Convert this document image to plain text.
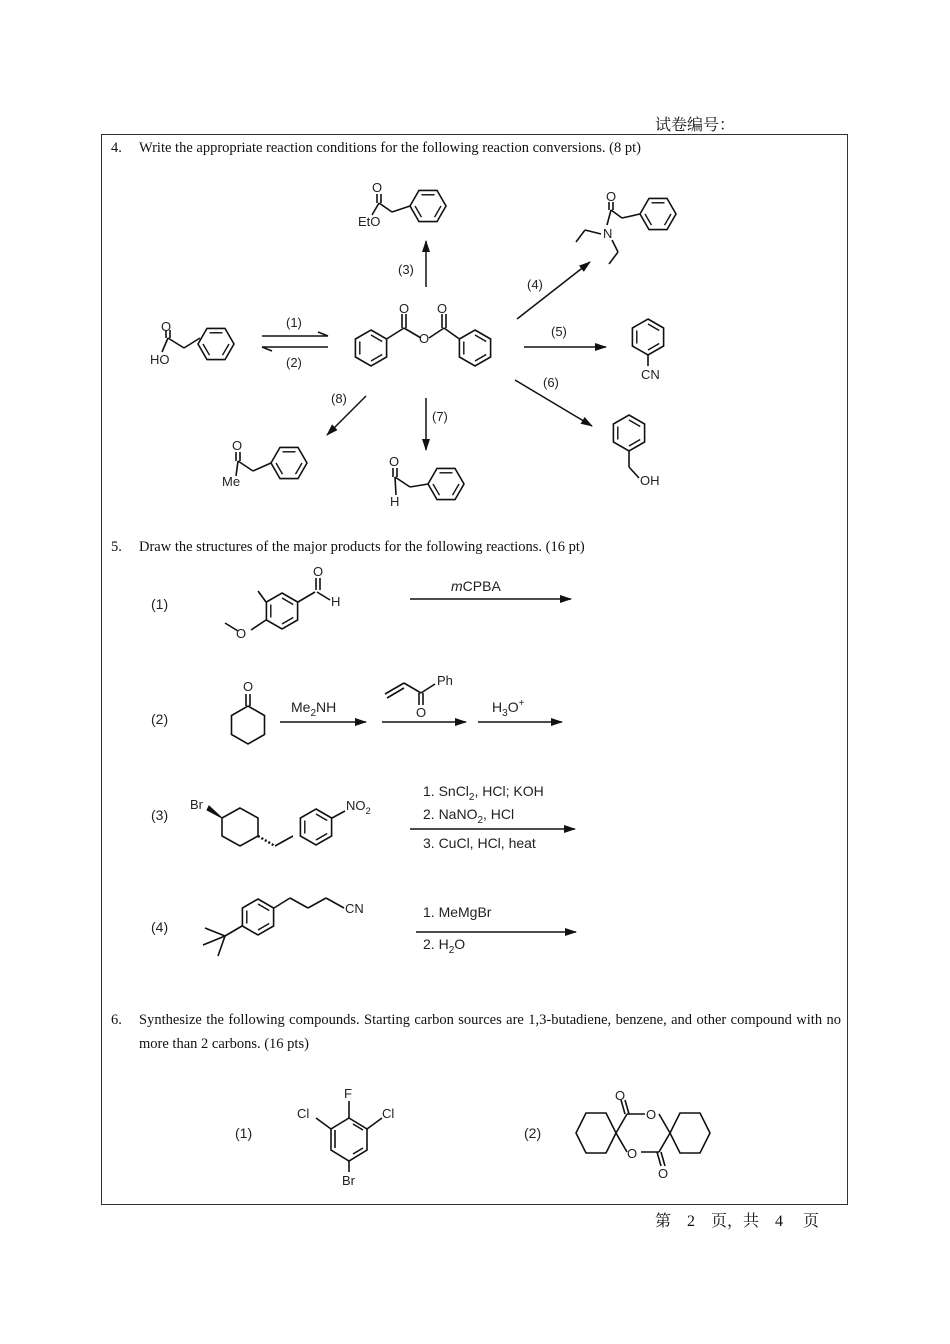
试卷编号：
4. Write the appropriate reaction conditions for the following reaction conversions. (8 pt)
5. Draw the structures of the major products for the following reactions. (16 pt)
6. Synthesize the following compounds. Starting carbon sources are 1,3-butadiene, benzene, and other compound with no more than 2 carbons. (16 pts)
O
EtO
O
HO
O O
O
O
N
CN
OH
O
H
O
Me
(1)
(2)
(3)
(4)
(5)
(6)
(7)
(8)
(1)
O
H
O
mCPBA
(2)
O
$Me_2NH$
Ph
O	$H_3O^+$
(3)
Br	$NO_2$
1. SnCl$_2$, HCl; KOH
2. NaNO$_2$, HCl
3. CuCl, HCl, heat
(4)
CN	1. MeMgBr
2. $H_2O$
(1)
F
Cl	Cl
Br
(2)
O
O
O
O
第 2 页，共 4 页
